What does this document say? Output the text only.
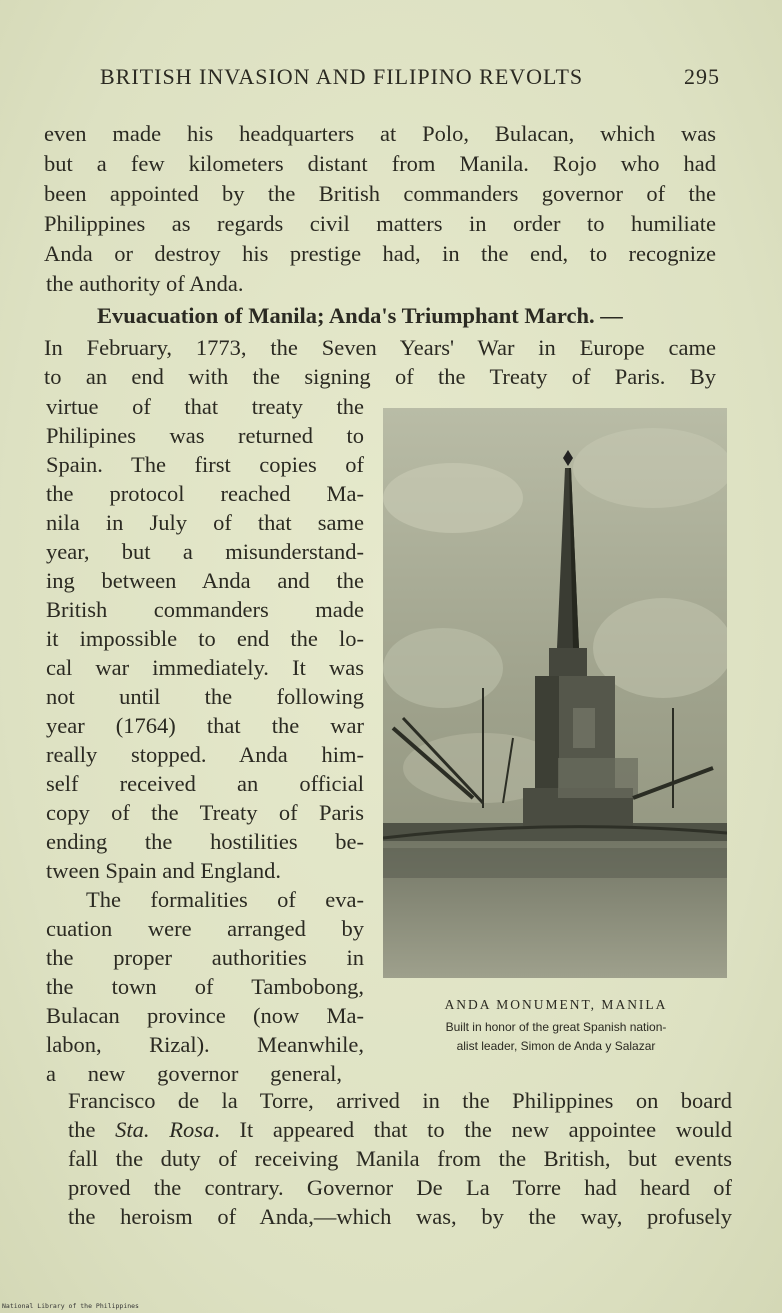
BRITISH INVASION AND FILIPINO REVOLTS	295
even made his headquarters at Polo, Bulacan, which was
but a few kilometers distant from Manila. Rojo who had
been appointed by the British commanders governor of the
Philippines as regards civil matters in order to humiliate
Anda or destroy his prestige had, in the end, to recognize
the authority of Anda.
Evuacuation of Manila; Anda's Triumphant March. —
In February, 1773, the Seven Years' War in Europe came
to an end with the signing of the Treaty of Paris. By
virtue of that treaty the
Philipines was returned to
Spain. The first copies of
the protocol reached Ma-
nila in July of that same
year, but a misunderstand-
ing between Anda and the
British commanders made
it impossible to end the lo-
cal war immediately. It was
not until the following
year (1764) that the war
really stopped. Anda him-
self received an official
copy of the Treaty of Paris
ending the hostilities be-
tween Spain and England.
The formalities of eva-
cuation were arranged by
the proper authorities in
the town of Tambobong,
Bulacan province (now Ma-
labon, Rizal). Meanwhile,
a new governor general,
ANDA MONUMENT, MANILA
Built in honor of the great Spanish nation-
alist leader, Simon de Anda y Salazar
Francisco de la Torre, arrived in the Philippines on board
the Sta. Rosa. It appeared that to the new appointee would
fall the duty of receiving Manila from the British, but events
proved the contrary. Governor De La Torre had heard of
the heroism of Anda,—which was, by the way, profusely
National Library of the Philippines
